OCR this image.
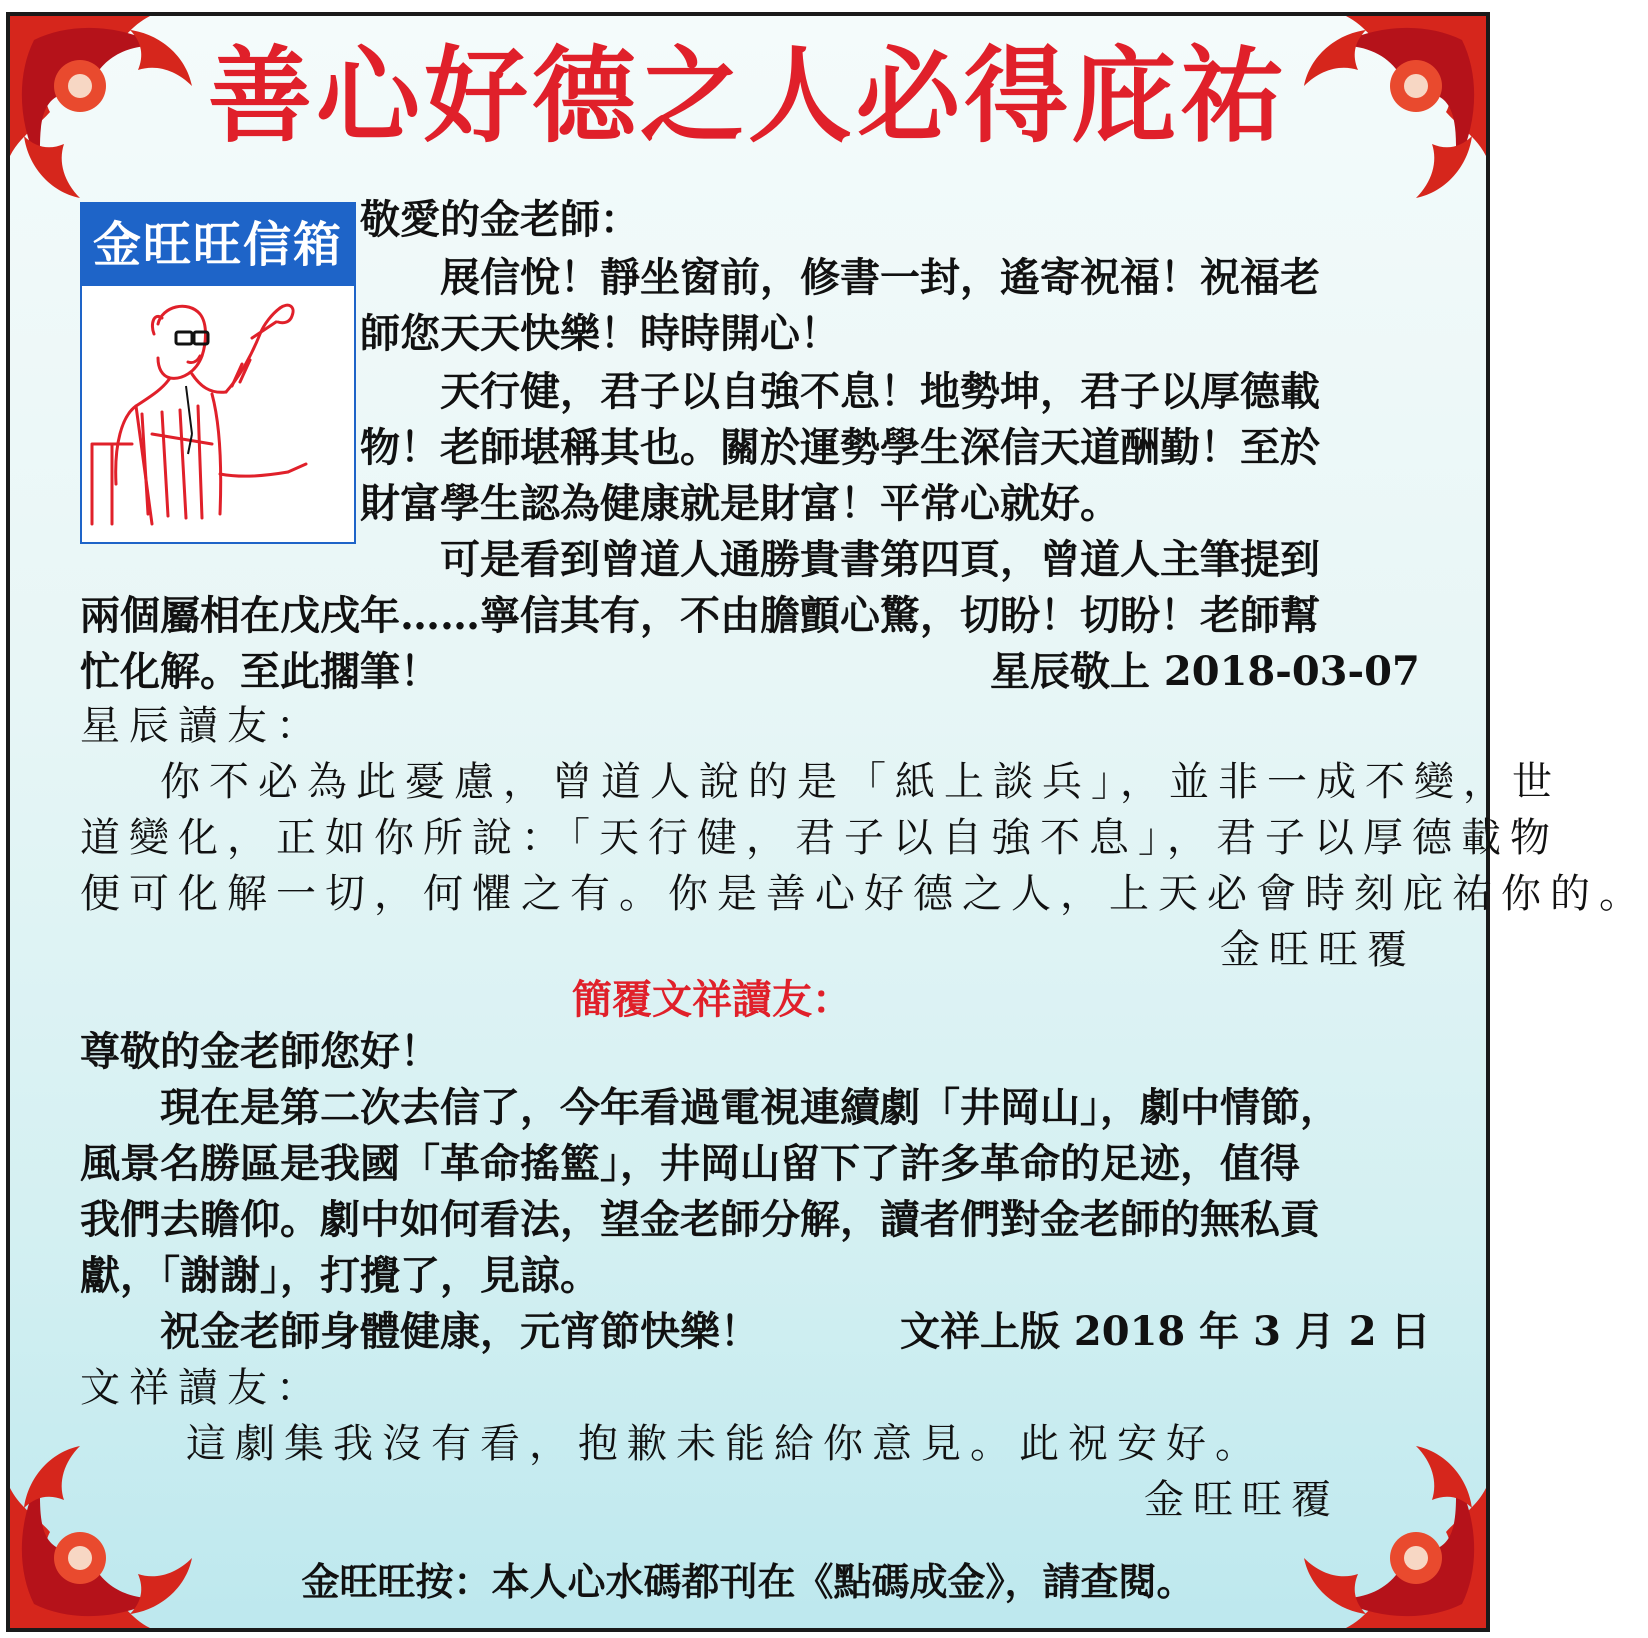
善心好德之人必得庇祐
金旺旺信箱 敬愛的金老師：
展信悅！靜坐窗前，修書一封，遙寄祝福！祝福老
師您天天快樂！時時開心！
天行健，君子以自強不息！地勢坤，君子以厚德載
物！老師堪稱其也。關於運勢學生深信天道酬勤！至於
財富學生認為健康就是財富！平常心就好。
可是看到曾道人通勝貴書第四頁，曾道人主筆提到
兩個屬相在戊戌年……寧信其有，不由膽顫心驚，切盼！切盼！老師幫
忙化解。至此擱筆！	星辰敬上 2018-03-07
星辰讀友：
你不必為此憂慮，曾道人說的是「紙上談兵」，並非一成不變，世
道變化，正如你所說：「天行健，君子以自強不息」，君子以厚德載物
便可化解一切，何懼之有。你是善心好德之人，上天必會時刻庇祐你的。
金旺旺覆
簡覆文祥讀友：
尊敬的金老師您好！
現在是第二次去信了，今年看過電視連續劇「井岡山」，劇中情節，
風景名勝區是我國「革命搖籃」，井岡山留下了許多革命的足迹，值得
我們去瞻仰。劇中如何看法，望金老師分解，讀者們對金老師的無私貢
獻，「謝謝」，打攪了，見諒。
祝金老師身體健康，元宵節快樂！	文祥上版 2018 年 3 月 2 日
文祥讀友：
這劇集我沒有看，抱歉未能給你意見。此祝安好。
金旺旺覆
金旺旺按：本人心水碼都刊在《點碼成金》，請查閱。
